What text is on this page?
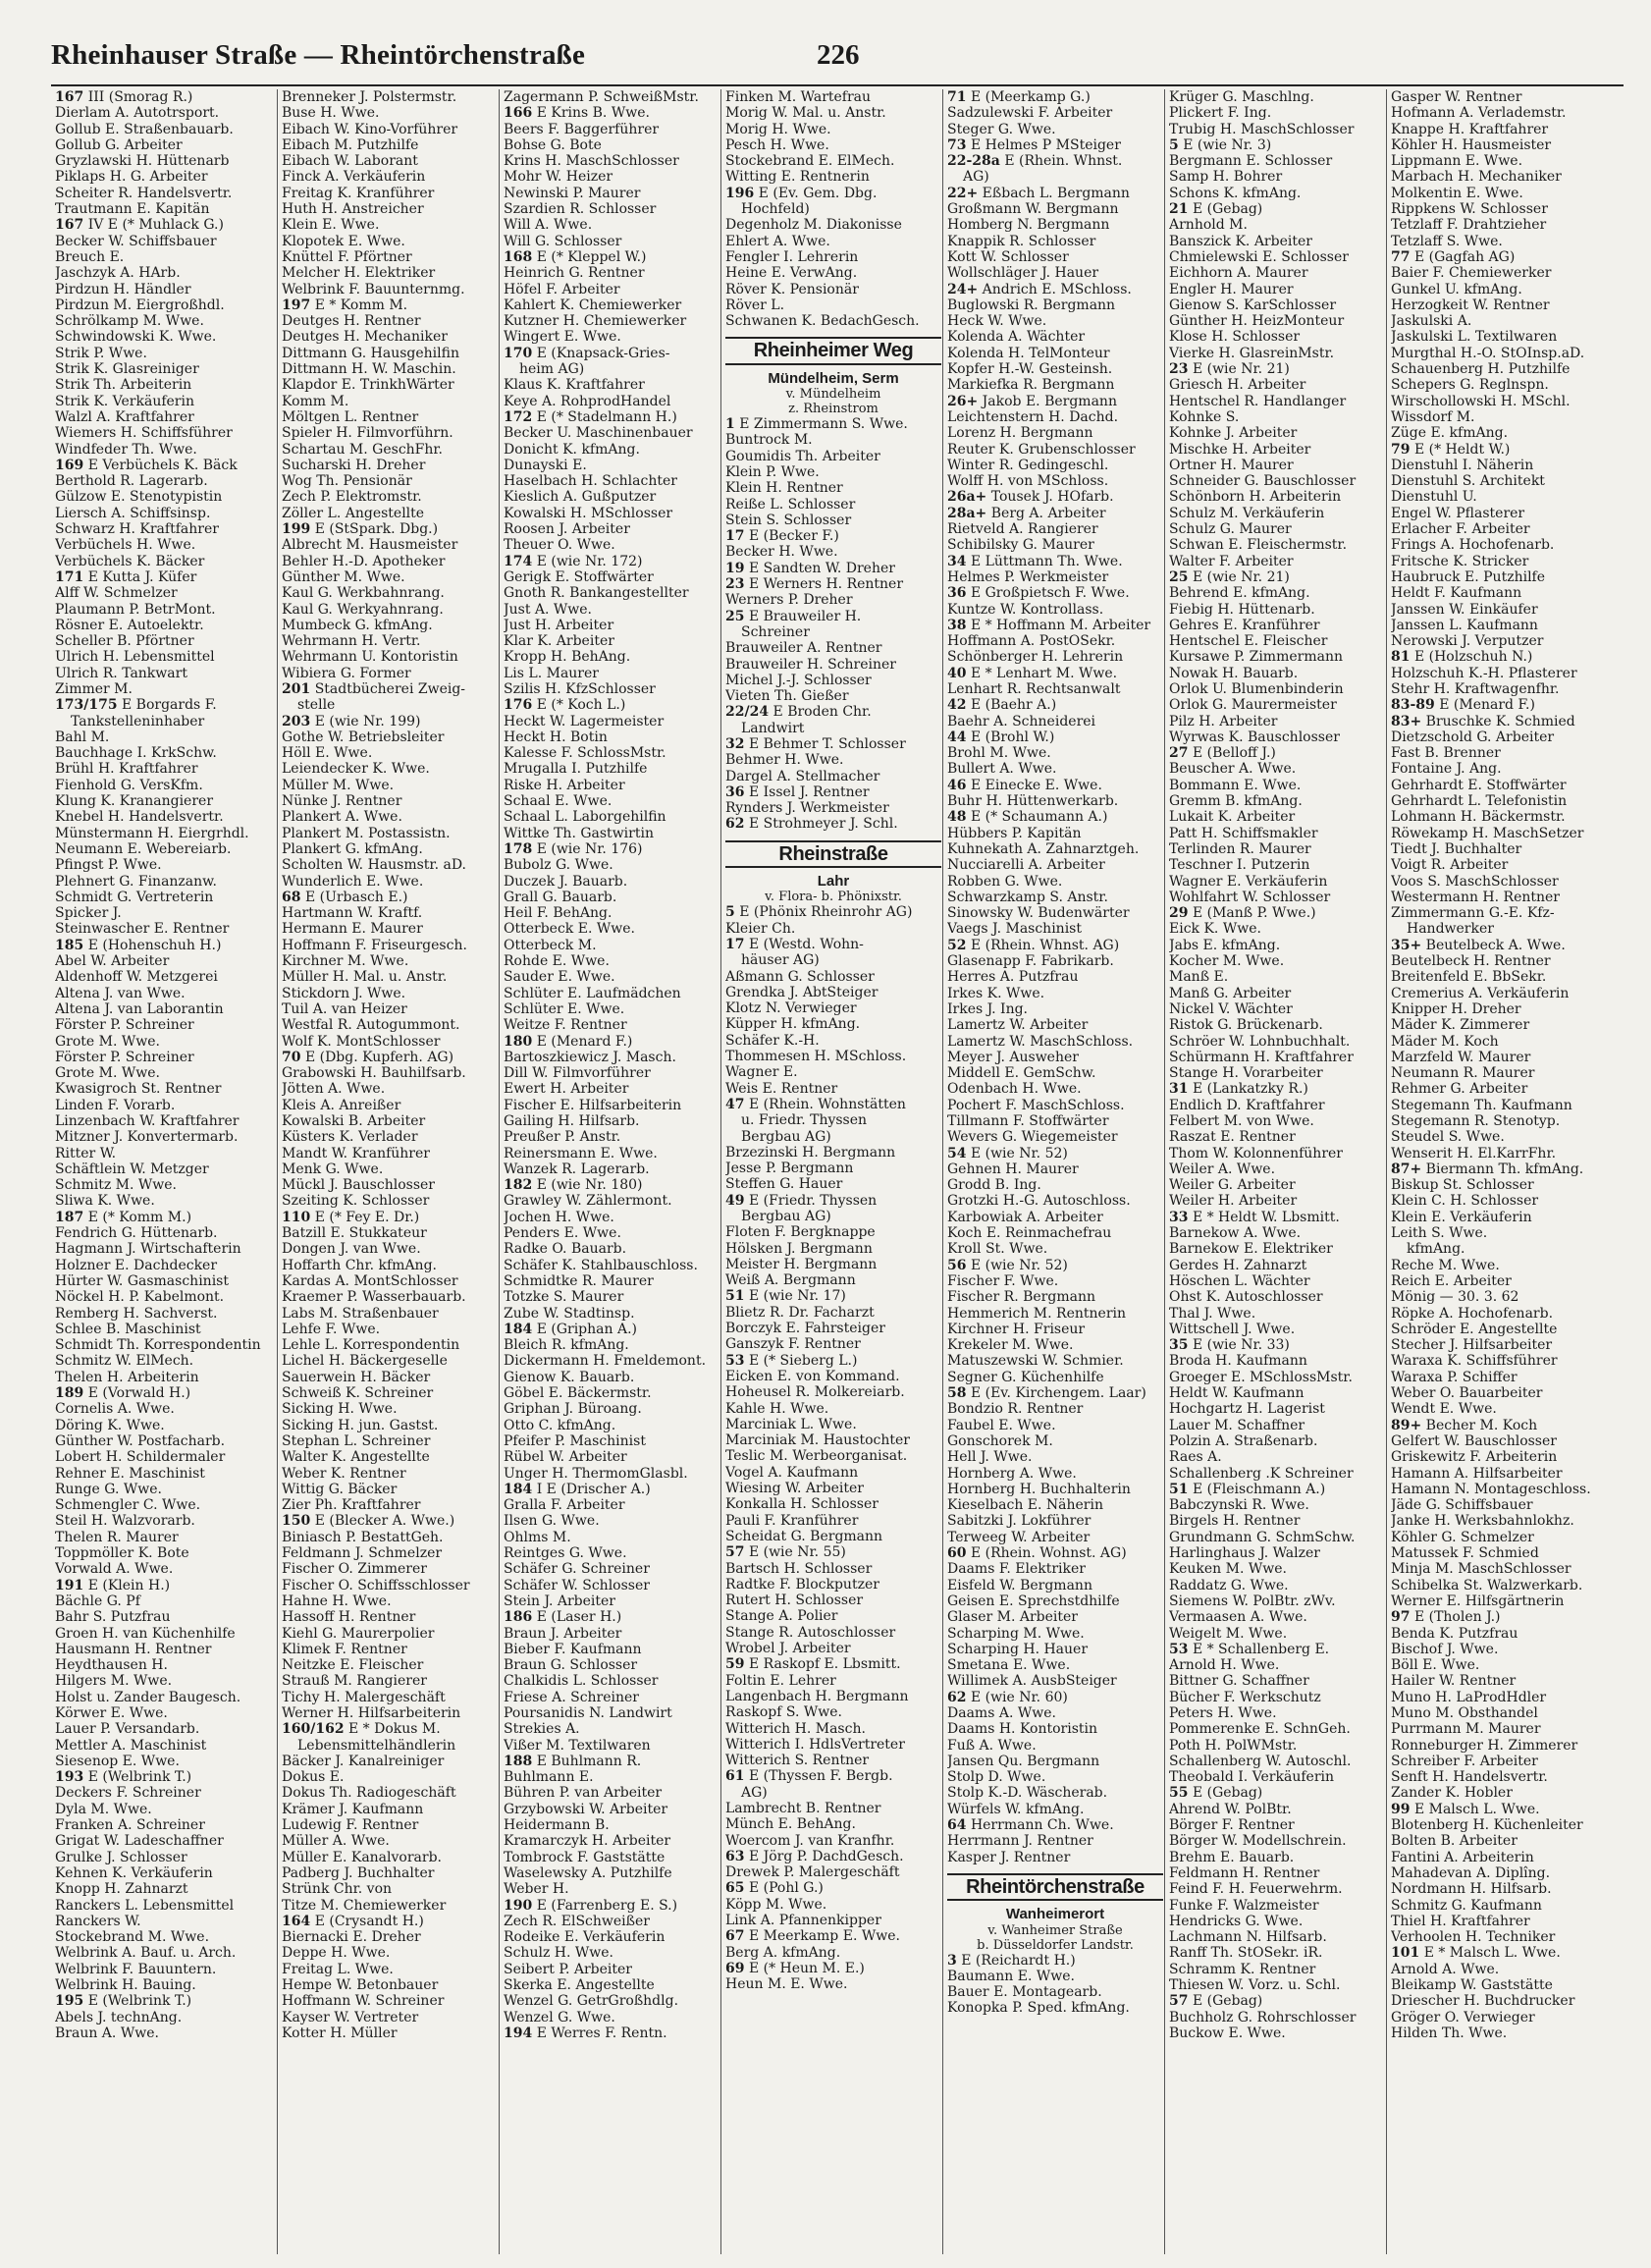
Rheinhauser Straße — Rheintörchenstraße	226
167 III (Smorag R.)
Dierlam A. Autotrsport.
Gollub E. Straßenbauarb.
Gollub G. Arbeiter
Gryzlawski H. Hüttenarb
Piklaps H. G. Arbeiter
Scheiter R. Handelsvertr.
Trautmann E. Kapitän
167 IV E (* Muhlack G.)
Becker W. Schiffsbauer
Breuch E.
Jaschzyk A. HArb.
Pirdzun H. Händler
Pirdzun M. Eiergroßhdl.
Schrölkamp M. Wwe.
Schwindowski K. Wwe.
Strik P. Wwe.
Strik K. Glasreiniger
Strik Th. Arbeiterin
Strik K. Verkäuferin
Walzl A. Kraftfahrer
Wiemers H. Schiffsführer
Windfeder Th. Wwe.
169 E Verbüchels K. Bäck
Berthold R. Lagerarb.
Gülzow E. Stenotypistin
Liersch A. Schiffsinsp.
Schwarz H. Kraftfahrer
Verbüchels H. Wwe.
Verbüchels K. Bäcker
171 E Kutta J. Küfer
Alff W. Schmelzer
Plaumann P. BetrMont.
Rösner E. Autoelektr.
Scheller B. Pförtner
Ulrich H. Lebensmittel
Ulrich R. Tankwart
Zimmer M.
173/175 E Borgards F.
Tankstelleninhaber
Bahl M.
Bauchhage I. KrkSchw.
Brühl H. Kraftfahrer
Fienhold G. VersKfm.
Klung K. Kranangierer
Knebel H. Handelsvertr.
Münstermann H. Eiergrhdl.
Neumann E. Webereiarb.
Pfingst P. Wwe.
Plehnert G. Finanzanw.
Schmidt G. Vertreterin
Spicker J.
Steinwascher E. Rentner
185 E (Hohenschuh H.)
Abel W. Arbeiter
Aldenhoff W. Metzgerei
Altena J. van Wwe.
Altena J. van Laborantin
Förster P. Schreiner
Grote M. Wwe.
Förster P. Schreiner
Grote M. Wwe.
Kwasigroch St. Rentner
Linden F. Vorarb.
Linzenbach W. Kraftfahrer
Mitzner J. Konvertermarb.
Ritter W.
Schäftlein W. Metzger
Schmitz M. Wwe.
Sliwa K. Wwe.
187 E (* Komm M.)
Fendrich G. Hüttenarb.
Hagmann J. Wirtschafterin
Holzner E. Dachdecker
Hürter W. Gasmaschinist
Nöckel H. P. Kabelmont.
Remberg H. Sachverst.
Schlee B. Maschinist
Schmidt Th. Korrespondentin
Schmitz W. ElMech.
Thelen H. Arbeiterin
189 E (Vorwald H.)
Cornelis A. Wwe.
Döring K. Wwe.
Günther W. Postfacharb.
Lobert H. Schildermaler
Rehner E. Maschinist
Runge G. Wwe.
Schmengler C. Wwe.
Steil H. Walzvorarb.
Thelen R. Maurer
Toppmöller K. Bote
Vorwald A. Wwe.
191 E (Klein H.)
Bächle G. Pf
Bahr S. Putzfrau
Groen H. van Küchenhilfe
Hausmann H. Rentner
Heydthausen H.
Hilgers M. Wwe.
Holst u. Zander Baugesch.
Körwer E. Wwe.
Lauer P. Versandarb.
Mettler A. Maschinist
Siesenop E. Wwe.
193 E (Welbrink T.)
Deckers F. Schreiner
Dyla M. Wwe.
Franken A. Schreiner
Grigat W. Ladeschaffner
Grulke J. Schlosser
Kehnen K. Verkäuferin
Knopp H. Zahnarzt
Ranckers L. Lebensmittel
Ranckers W.
Stockebrand M. Wwe.
Welbrink A. Bauf. u. Arch.
Welbrink F. Bauuntern.
Welbrink H. Bauing.
195 E (Welbrink T.)
Abels J. technAng.
Braun A. Wwe.
Brenneker J. Polstermstr.
Buse H. Wwe.
Eibach W. Kino-Vorführer
Eibach M. Putzhilfe
Eibach W. Laborant
Finck A. Verkäuferin
Freitag K. Kranführer
Huth H. Anstreicher
Klein E. Wwe.
Klopotek E. Wwe.
Knüttel F. Pförtner
Melcher H. Elektriker
Welbrink F. Bauunternmg.
197 E * Komm M.
Deutges H. Rentner
Deutges H. Mechaniker
Dittmann G. Hausgehilfin
Dittmann H. W. Maschin.
Klapdor E. TrinkhWärter
Komm M.
Möltgen L. Rentner
Spieler H. Filmvorführn.
Schartau M. GeschFhr.
Sucharski H. Dreher
Wog Th. Pensionär
Zech P. Elektromstr.
Zöller L. Angestellte
199 E (StSpark. Dbg.)
Albrecht M. Hausmeister
Behler H.-D. Apotheker
Günther M. Wwe.
Kaul G. Werkbahnrang.
Kaul G. Werkyahnrang.
Mumbeck G. kfmAng.
Wehrmann H. Vertr.
Wehrmann U. Kontoristin
Wibiera G. Former
201 Stadtbücherei Zweig-
stelle
203 E (wie Nr. 199)
Gothe W. Betriebsleiter
Höll E. Wwe.
Leiendecker K. Wwe.
Müller M. Wwe.
Nünke J. Rentner
Plankert A. Wwe.
Plankert M. Postassistn.
Plankert G. kfmAng.
Scholten W. Hausmstr. aD.
Wunderlich E. Wwe.
68 E (Urbasch E.)
Hartmann W. Kraftf.
Hermann E. Maurer
Hoffmann F. Friseurgesch.
Kirchner M. Wwe.
Müller H. Mal. u. Anstr.
Stickdorn J. Wwe.
Tuil A. van Heizer
Westfal R. Autogummont.
Wolf K. MontSchlosser
70 E (Dbg. Kupferh. AG)
Grabowski H. Bauhilfsarb.
Jötten A. Wwe.
Kleis A. Anreißer
Kowalski B. Arbeiter
Küsters K. Verlader
Mandt W. Kranführer
Menk G. Wwe.
Mückl J. Bauschlosser
Szeiting K. Schlosser
110 E (* Fey E. Dr.)
Batzill E. Stukkateur
Dongen J. van Wwe.
Hoffarth Chr. kfmAng.
Kardas A. MontSchlosser
Kraemer P. Wasserbauarb.
Labs M. Straßenbauer
Lehfe F. Wwe.
Lehle L. Korrespondentin
Lichel H. Bäckergeselle
Sauerwein H. Bäcker
Schweiß K. Schreiner
Sicking H. Wwe.
Sicking H. jun. Gastst.
Stephan L. Schreiner
Walter K. Angestellte
Weber K. Rentner
Wittig G. Bäcker
Zier Ph. Kraftfahrer
150 E (Blecker A. Wwe.)
Biniasch P. BestattGeh.
Feldmann J. Schmelzer
Fischer O. Zimmerer
Fischer O. Schiffsschlosser
Hahne H. Wwe.
Hassoff H. Rentner
Kiehl G. Maurerpolier
Klimek F. Rentner
Neitzke E. Fleischer
Strauß M. Rangierer
Tichy H. Malergeschäft
Werner H. Hilfsarbeiterin
160/162 E * Dokus M.
Lebensmittelhändlerin
Bäcker J. Kanalreiniger
Dokus E.
Dokus Th. Radiogeschäft
Krämer J. Kaufmann
Ludewig F. Rentner
Müller A. Wwe.
Müller E. Kanalvorarb.
Padberg J. Buchhalter
Strünk Chr. von
Titze M. Chemiewerker
164 E (Crysandt H.)
Biernacki E. Dreher
Deppe H. Wwe.
Freitag L. Wwe.
Hempe W. Betonbauer
Hoffmann W. Schreiner
Kayser W. Vertreter
Kotter H. Müller
Zagermann P. SchweißMstr.
166 E Krins B. Wwe.
Beers F. Baggerführer
Bohse G. Bote
Krins H. MaschSchlosser
Mohr W. Heizer
Newinski P. Maurer
Szardien R. Schlosser
Will A. Wwe.
Will G. Schlosser
168 E (* Kleppel W.)
Heinrich G. Rentner
Höfel F. Arbeiter
Kahlert K. Chemiewerker
Kutzner H. Chemiewerker
Wingert E. Wwe.
170 E (Knapsack-Gries-
heim AG)
Klaus K. Kraftfahrer
Keye A. RohprodHandel
172 E (* Stadelmann H.)
Becker U. Maschinenbauer
Donicht K. kfmAng.
Dunayski E.
Haselbach H. Schlachter
Kieslich A. Gußputzer
Kowalski H. MSchlosser
Roosen J. Arbeiter
Theuer O. Wwe.
174 E (wie Nr. 172)
Gerigk E. Stoffwärter
Gnoth R. Bankangestellter
Just A. Wwe.
Just H. Arbeiter
Klar K. Arbeiter
Kropp H. BehAng.
Lis L. Maurer
Szilis H. KfzSchlosser
176 E (* Koch L.)
Heckt W. Lagermeister
Heckt H. Botin
Kalesse F. SchlossMstr.
Mrugalla I. Putzhilfe
Riske H. Arbeiter
Schaal E. Wwe.
Schaal L. Laborgehilfin
Wittke Th. Gastwirtin
178 E (wie Nr. 176)
Bubolz G. Wwe.
Duczek J. Bauarb.
Grall G. Bauarb.
Heil F. BehAng.
Otterbeck E. Wwe.
Otterbeck M.
Rohde E. Wwe.
Sauder E. Wwe.
Schlüter E. Laufmädchen
Schlüter E. Wwe.
Weitze F. Rentner
180 E (Menard F.)
Bartoszkiewicz J. Masch.
Dill W. Filmvorführer
Ewert H. Arbeiter
Fischer E. Hilfsarbeiterin
Gailing H. Hilfsarb.
Preußer P. Anstr.
Reinersmann E. Wwe.
Wanzek R. Lagerarb.
182 E (wie Nr. 180)
Grawley W. Zählermont.
Jochen H. Wwe.
Penders E. Wwe.
Radke O. Bauarb.
Schäfer K. Stahlbauschloss.
Schmidtke R. Maurer
Totzke S. Maurer
Zube W. Stadtinsp.
184 E (Griphan A.)
Bleich R. kfmAng.
Dickermann H. Fmeldemont.
Gienow K. Bauarb.
Göbel E. Bäckermstr.
Griphan J. Büroang.
Otto C. kfmAng.
Pfeifer P. Maschinist
Rübel W. Arbeiter
Unger H. ThermomGlasbl.
184 I E (Drischer A.)
Gralla F. Arbeiter
Ilsen G. Wwe.
Ohlms M.
Reintges G. Wwe.
Schäfer G. Schreiner
Schäfer W. Schlosser
Stein J. Arbeiter
186 E (Laser H.)
Braun J. Arbeiter
Bieber F. Kaufmann
Braun G. Schlosser
Chalkidis L. Schlosser
Friese A. Schreiner
Poursanidis N. Landwirt
Strekies A.
Vißer M. Textilwaren
188 E Buhlmann R.
Buhlmann E.
Bühren P. van Arbeiter
Grzybowski W. Arbeiter
Heidermann B.
Kramarczyk H. Arbeiter
Tombrock F. Gaststätte
Waselewsky A. Putzhilfe
Weber H.
190 E (Farrenberg E. S.)
Zech R. ElSchweißer
Rodeike E. Verkäuferin
Schulz H. Wwe.
Seibert P. Arbeiter
Skerka E. Angestellte
Wenzel G. GetrGroßhdlg.
Wenzel G. Wwe.
194 E Werres F. Rentn.
Finken M. Wartefrau
Morig W. Mal. u. Anstr.
Morig H. Wwe.
Pesch H. Wwe.
Stockebrand E. ElMech.
Witting E. Rentnerin
196 E (Ev. Gem. Dbg.
Hochfeld)
Degenholz M. Diakonisse
Ehlert A. Wwe.
Fengler I. Lehrerin
Heine E. VerwAng.
Röver K. Pensionär
Röver L.
Schwanen K. BedachGesch.
Rheinheimer Weg
Mündelheim, Serm
v. Mündelheim
z. Rheinstrom
1 E Zimmermann S. Wwe.
Buntrock M.
Goumidis Th. Arbeiter
Klein P. Wwe.
Klein H. Rentner
Reiße L. Schlosser
Stein S. Schlosser
17 E (Becker F.)
Becker H. Wwe.
19 E Sandten W. Dreher
23 E Werners H. Rentner
Werners P. Dreher
25 E Brauweiler H.
Schreiner
Brauweiler A. Rentner
Brauweiler H. Schreiner
Michel J.-J. Schlosser
Vieten Th. Gießer
22/24 E Broden Chr.
Landwirt
32 E Behmer T. Schlosser
Behmer H. Wwe.
Dargel A. Stellmacher
36 E Issel J. Rentner
Rynders J. Werkmeister
62 E Strohmeyer J. Schl.
Rheinstraße
Lahr
v. Flora- b. Phönixstr.
5 E (Phönix Rheinrohr AG)
Kleier Ch.
17 E (Westd. Wohn-
häuser AG)
Aßmann G. Schlosser
Grendka J. AbtSteiger
Klotz N. Verwieger
Küpper H. kfmAng.
Schäfer K.-H.
Thommesen H. MSchloss.
Wagner E.
Weis E. Rentner
47 E (Rhein. Wohnstätten
u. Friedr. Thyssen
Bergbau AG)
Brzezinski H. Bergmann
Jesse P. Bergmann
Steffen G. Hauer
49 E (Friedr. Thyssen
Bergbau AG)
Floten F. Bergknappe
Hölsken J. Bergmann
Meister H. Bergmann
Weiß A. Bergmann
51 E (wie Nr. 17)
Blietz R. Dr. Facharzt
Borczyk E. Fahrsteiger
Ganszyk F. Rentner
53 E (* Sieberg L.)
Eicken E. von Kommand.
Hoheusel R. Molkereiarb.
Kahle H. Wwe.
Marciniak L. Wwe.
Marciniak M. Haustochter
Teslic M. Werbeorganisat.
Vogel A. Kaufmann
Wiesing W. Arbeiter
Konkalla H. Schlosser
Pauli F. Kranführer
Scheidat G. Bergmann
57 E (wie Nr. 55)
Bartsch H. Schlosser
Radtke F. Blockputzer
Rutert H. Schlosser
Stange A. Polier
Stange R. Autoschlosser
Wrobel J. Arbeiter
59 E Raskopf E. Lbsmitt.
Foltin E. Lehrer
Langenbach H. Bergmann
Raskopf S. Wwe.
Witterich H. Masch.
Witterich I. HdlsVertreter
Witterich S. Rentner
61 E (Thyssen F. Bergb.
AG)
Lambrecht B. Rentner
Münch E. BehAng.
Woercom J. van Kranfhr.
63 E Jörg P. DachdGesch.
Drewek P. Malergeschäft
65 E (Pohl G.)
Köpp M. Wwe.
Link A. Pfannenkipper
67 E Meerkamp E. Wwe.
Berg A. kfmAng.
69 E (* Heun M. E.)
Heun M. E. Wwe.
71 E (Meerkamp G.)
Sadzulewski F. Arbeiter
Steger G. Wwe.
73 E Helmes P MSteiger
22-28a E (Rhein. Whnst.
AG)
22+ Eßbach L. Bergmann
Großmann W. Bergmann
Homberg N. Bergmann
Knappik R. Schlosser
Kott W. Schlosser
Wollschläger J. Hauer
24+ Andrich E. MSchloss.
Buglowski R. Bergmann
Heck W. Wwe.
Kolenda A. Wächter
Kolenda H. TelMonteur
Kopfer H.-W. Gesteinsh.
Markiefka R. Bergmann
26+ Jakob E. Bergmann
Leichtenstern H. Dachd.
Lorenz H. Bergmann
Reuter K. Grubenschlosser
Winter R. Gedingeschl.
Wolff H. von MSchloss.
26a+ Tousek J. HOfarb.
28a+ Berg A. Arbeiter
Rietveld A. Rangierer
Schibilsky G. Maurer
34 E Lüttmann Th. Wwe.
Helmes P. Werkmeister
36 E Großpietsch F. Wwe.
Kuntze W. Kontrollass.
38 E * Hoffmann M. Arbeiter
Hoffmann A. PostOSekr.
Schönberger H. Lehrerin
40 E * Lenhart M. Wwe.
Lenhart R. Rechtsanwalt
42 E (Baehr A.)
Baehr A. Schneiderei
44 E (Brohl W.)
Brohl M. Wwe.
Bullert A. Wwe.
46 E Einecke E. Wwe.
Buhr H. Hüttenwerkarb.
48 E (* Schaumann A.)
Hübbers P. Kapitän
Kuhnekath A. Zahnarztgeh.
Nucciarelli A. Arbeiter
Robben G. Wwe.
Schwarzkamp S. Anstr.
Sinowsky W. Budenwärter
Vaegs J. Maschinist
52 E (Rhein. Whnst. AG)
Glasenapp F. Fabrikarb.
Herres A. Putzfrau
Irkes K. Wwe.
Irkes J. Ing.
Lamertz W. Arbeiter
Lamertz W. MaschSchloss.
Meyer J. Ausweher
Middell E. GemSchw.
Odenbach H. Wwe.
Pochert F. MaschSchloss.
Tillmann F. Stoffwärter
Wevers G. Wiegemeister
54 E (wie Nr. 52)
Gehnen H. Maurer
Grodd B. Ing.
Grotzki H.-G. Autoschloss.
Karbowiak A. Arbeiter
Koch E. Reinmachefrau
Kroll St. Wwe.
56 E (wie Nr. 52)
Fischer F. Wwe.
Fischer R. Bergmann
Hemmerich M. Rentnerin
Kirchner H. Friseur
Krekeler M. Wwe.
Matuszewski W. Schmier.
Segner G. Küchenhilfe
58 E (Ev. Kirchengem. Laar)
Bondzio R. Rentner
Faubel E. Wwe.
Gonschorek M.
Hell J. Wwe.
Hornberg A. Wwe.
Hornberg H. Buchhalterin
Kieselbach E. Näherin
Sabitzki J. Lokführer
Terweeg W. Arbeiter
60 E (Rhein. Wohnst. AG)
Daams F. Elektriker
Eisfeld W. Bergmann
Geisen E. Sprechstdhilfe
Glaser M. Arbeiter
Scharping M. Wwe.
Scharping H. Hauer
Smetana E. Wwe.
Willimek A. AusbSteiger
62 E (wie Nr. 60)
Daams A. Wwe.
Daams H. Kontoristin
Fuß A. Wwe.
Jansen Qu. Bergmann
Stolp D. Wwe.
Stolp K.-D. Wäscherab.
Würfels W. kfmAng.
64 Herrmann Ch. Wwe.
Herrmann J. Rentner
Kasper J. Rentner
Rheintörchenstraße
Wanheimerort
v. Wanheimer Straße
b. Düsseldorfer Landstr.
3 E (Reichardt H.)
Baumann E. Wwe.
Bauer E. Montagearb.
Konopka P. Sped. kfmAng.
Krüger G. Maschlng.
Plickert F. Ing.
Trubig H. MaschSchlosser
5 E (wie Nr. 3)
Bergmann E. Schlosser
Samp H. Bohrer
Schons K. kfmAng.
21 E (Gebag)
Arnhold M.
Banszick K. Arbeiter
Chmielewski E. Schlosser
Eichhorn A. Maurer
Engler H. Maurer
Gienow S. KarSchlosser
Günther H. HeizMonteur
Klose H. Schlosser
Vierke H. GlasreinMstr.
23 E (wie Nr. 21)
Griesch H. Arbeiter
Hentschel R. Handlanger
Kohnke S.
Kohnke J. Arbeiter
Mischke H. Arbeiter
Ortner H. Maurer
Schneider G. Bauschlosser
Schönborn H. Arbeiterin
Schulz M. Verkäuferin
Schulz G. Maurer
Schwan E. Fleischermstr.
Walter F. Arbeiter
25 E (wie Nr. 21)
Behrend E. kfmAng.
Fiebig H. Hüttenarb.
Gehres E. Kranführer
Hentschel E. Fleischer
Kursawe P. Zimmermann
Nowak H. Bauarb.
Orlok U. Blumenbinderin
Orlok G. Maurermeister
Pilz H. Arbeiter
Wyrwas K. Bauschlosser
27 E (Belloff J.)
Beuscher A. Wwe.
Bommann E. Wwe.
Gremm B. kfmAng.
Lukait K. Arbeiter
Patt H. Schiffsmakler
Terlinden R. Maurer
Teschner I. Putzerin
Wagner E. Verkäuferin
Wohlfahrt W. Schlosser
29 E (Manß P. Wwe.)
Eick K. Wwe.
Jabs E. kfmAng.
Kocher M. Wwe.
Manß E.
Manß G. Arbeiter
Nickel V. Wächter
Ristok G. Brückenarb.
Schröer W. Lohnbuchhalt.
Schürmann H. Kraftfahrer
Stange H. Vorarbeiter
31 E (Lankatzky R.)
Endlich D. Kraftfahrer
Felbert M. von Wwe.
Raszat E. Rentner
Thom W. Kolonnenführer
Weiler A. Wwe.
Weiler G. Arbeiter
Weiler H. Arbeiter
33 E * Heldt W. Lbsmitt.
Barnekow A. Wwe.
Barnekow E. Elektriker
Gerdes H. Zahnarzt
Höschen L. Wächter
Ohst K. Autoschlosser
Thal J. Wwe.
Wittschell J. Wwe.
35 E (wie Nr. 33)
Broda H. Kaufmann
Groeger E. MSchlossMstr.
Heldt W. Kaufmann
Hochgartz H. Lagerist
Lauer M. Schaffner
Polzin A. Straßenarb.
Raes A.
Schallenberg .K Schreiner
51 E (Fleischmann A.)
Babczynski R. Wwe.
Birgels H. Rentner
Grundmann G. SchmSchw.
Harlinghaus J. Walzer
Keuken M. Wwe.
Raddatz G. Wwe.
Siemens W. PolBtr. zWv.
Vermaasen A. Wwe.
Weigelt M. Wwe.
53 E * Schallenberg E.
Arnold H. Wwe.
Bittner G. Schaffner
Bücher F. Werkschutz
Peters H. Wwe.
Pommerenke E. SchnGeh.
Poth H. PolWMstr.
Schallenberg W. Autoschl.
Theobald I. Verkäuferin
55 E (Gebag)
Ahrend W. PolBtr.
Börger F. Rentner
Börger W. Modellschrein.
Brehm E. Bauarb.
Feldmann H. Rentner
Feind F. H. Feuerwehrm.
Funke F. Walzmeister
Hendricks G. Wwe.
Lachmann N. Hilfsarb.
Ranff Th. StOSekr. iR.
Schramm K. Rentner
Thiesen W. Vorz. u. Schl.
57 E (Gebag)
Buchholz G. Rohrschlosser
Buckow E. Wwe.
Gasper W. Rentner
Hofmann A. Verlademstr.
Knappe H. Kraftfahrer
Köhler H. Hausmeister
Lippmann E. Wwe.
Marbach H. Mechaniker
Molkentin E. Wwe.
Rippkens W. Schlosser
Tetzlaff F. Drahtzieher
Tetzlaff S. Wwe.
77 E (Gagfah AG)
Baier F. Chemiewerker
Gunkel U. kfmAng.
Herzogkeit W. Rentner
Jaskulski A.
Jaskulski L. Textilwaren
Murgthal H.-O. StOInsp.aD.
Schauenberg H. Putzhilfe
Schepers G. Reglnspn.
Wirschollowski H. MSchl.
Wissdorf M.
Züge E. kfmAng.
79 E (* Heldt W.)
Dienstuhl I. Näherin
Dienstuhl S. Architekt
Dienstuhl U.
Engel W. Pflasterer
Erlacher F. Arbeiter
Frings A. Hochofenarb.
Fritsche K. Stricker
Haubruck E. Putzhilfe
Heldt F. Kaufmann
Janssen W. Einkäufer
Janssen L. Kaufmann
Nerowski J. Verputzer
81 E (Holzschuh N.)
Holzschuh K.-H. Pflasterer
Stehr H. Kraftwagenfhr.
83-89 E (Menard F.)
83+ Bruschke K. Schmied
Dietzschold G. Arbeiter
Fast B. Brenner
Fontaine J. Ang.
Gehrhardt E. Stoffwärter
Gehrhardt L. Telefonistin
Lohmann H. Bäckermstr.
Röwekamp H. MaschSetzer
Tiedt J. Buchhalter
Voigt R. Arbeiter
Voos S. MaschSchlosser
Westermann H. Rentner
Zimmermann G.-E. Kfz-
Handwerker
35+ Beutelbeck A. Wwe.
Beutelbeck H. Rentner
Breitenfeld E. BbSekr.
Cremerius A. Verkäuferin
Knipper H. Dreher
Mäder K. Zimmerer
Mäder M. Koch
Marzfeld W. Maurer
Neumann R. Maurer
Rehmer G. Arbeiter
Stegemann Th. Kaufmann
Stegemann R. Stenotyp.
Steudel S. Wwe.
Wenserit H. El.KarrFhr.
87+ Biermann Th. kfmAng.
Biskup St. Schlosser
Klein C. H. Schlosser
Klein E. Verkäuferin
Leith S. Wwe.
kfmAng.
Reche M. Wwe.
Reich E. Arbeiter
Mönig — 30. 3. 62
Röpke A. Hochofenarb.
Schröder E. Angestellte
Stecher J. Hilfsarbeiter
Waraxa K. Schiffsführer
Waraxa P. Schiffer
Weber O. Bauarbeiter
Wendt E. Wwe.
89+ Becher M. Koch
Gelfert W. Bauschlosser
Griskewitz F. Arbeiterin
Hamann A. Hilfsarbeiter
Hamann N. Montageschloss.
Jäde G. Schiffsbauer
Janke H. Werksbahnlokhz.
Köhler G. Schmelzer
Matussek F. Schmied
Minja M. MaschSchlosser
Schibelka St. Walzwerkarb.
Werner E. Hilfsgärtnerin
97 E (Tholen J.)
Benda K. Putzfrau
Bischof J. Wwe.
Böll E. Wwe.
Hailer W. Rentner
Muno H. LaProdHdler
Muno M. Obsthandel
Purrmann M. Maurer
Ronneburger H. Zimmerer
Schreiber F. Arbeiter
Senft H. Handelsvertr.
Zander K. Hobler
99 E Malsch L. Wwe.
Blotenberg H. Küchenleiter
Bolten B. Arbeiter
Fantini A. Arbeiterin
Mahadevan A. Diplîng.
Nordmann H. Hilfsarb.
Schmitz G. Kaufmann
Thiel H. Kraftfahrer
Verhoolen H. Techniker
101 E * Malsch L. Wwe.
Arnold A. Wwe.
Bleikamp W. Gaststätte
Driescher H. Buchdrucker
Gröger O. Verwieger
Hilden Th. Wwe.
